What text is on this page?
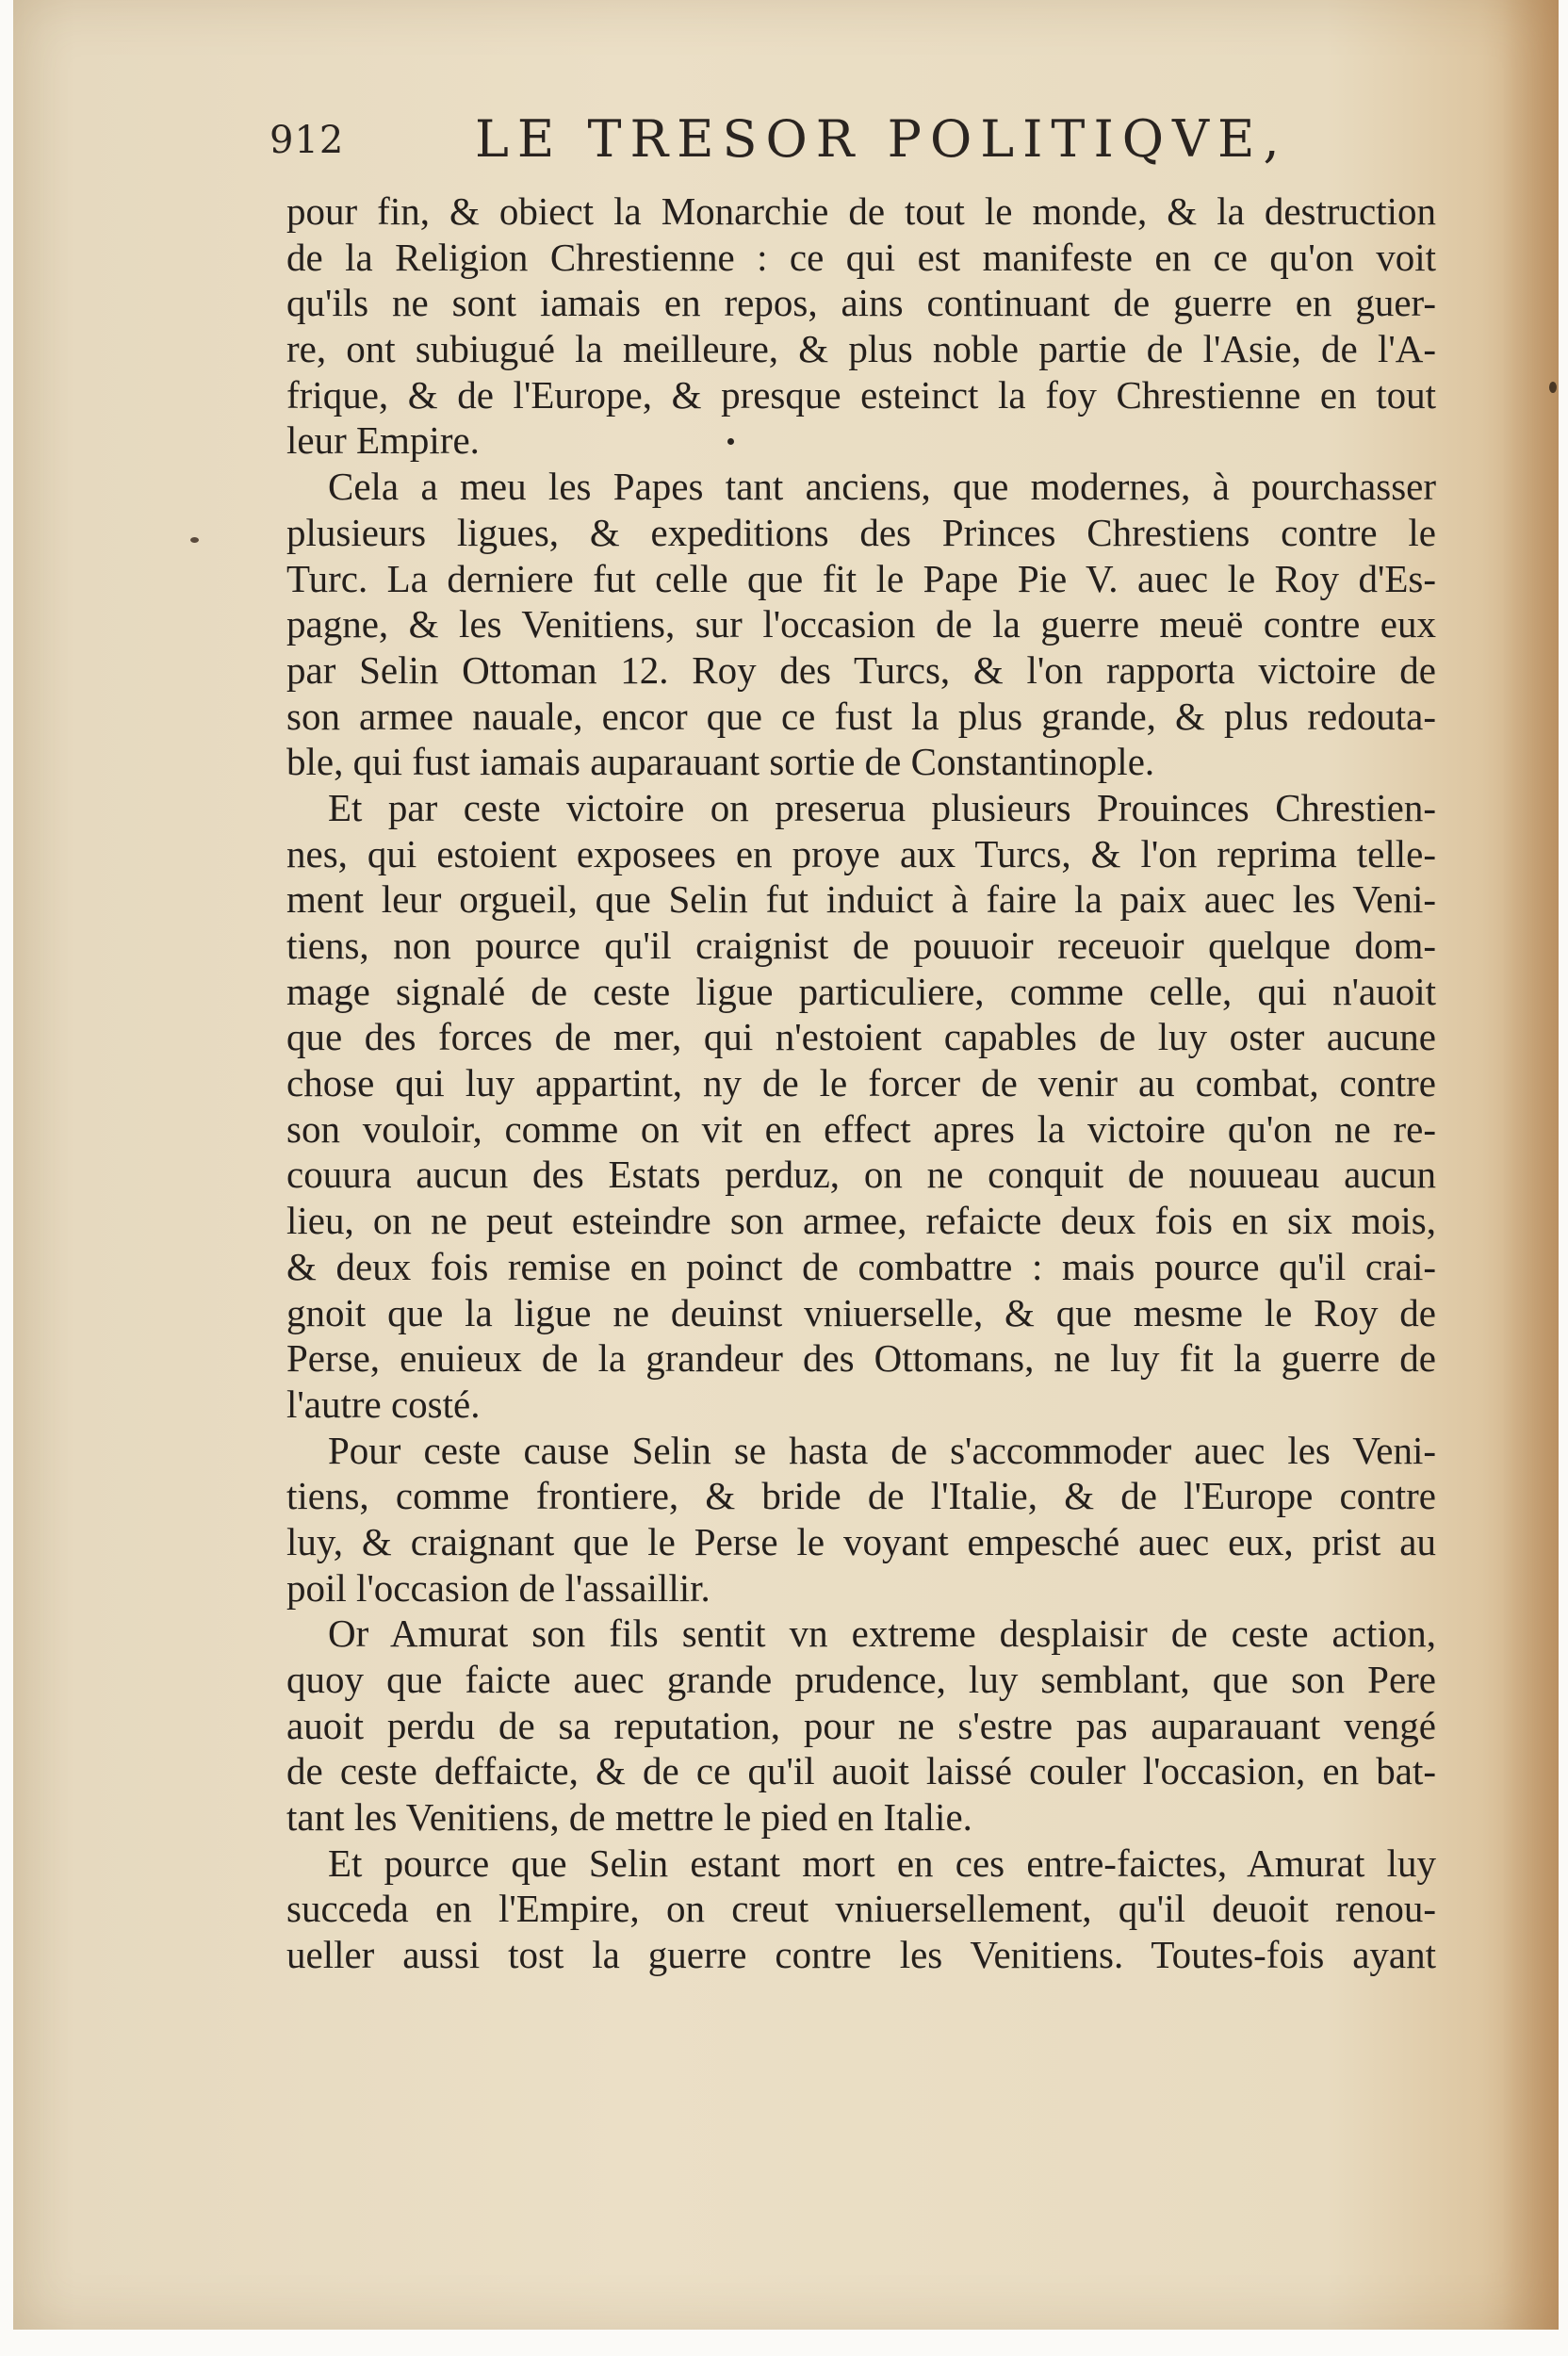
912	LE TRESOR POLITIQVE,
pour fin, & obiect la Monarchie de tout le monde, & la destruction
de la Religion Chrestienne : ce qui est manifeste en ce qu'on voit
qu'ils ne sont iamais en repos, ains continuant de guerre en guer-
re, ont subiugué la meilleure, & plus noble partie de l'Asie, de l'A-
frique, & de l'Europe, & presque esteinct la foy Chrestienne en tout
leur Empire.
Cela a meu les Papes tant anciens, que modernes, à pourchasser
plusieurs ligues, & expeditions des Princes Chrestiens contre le
Turc. La derniere fut celle que fit le Pape Pie V. auec le Roy d'Es-
pagne, & les Venitiens, sur l'occasion de la guerre meuë contre eux
par Selin Ottoman 12. Roy des Turcs, & l'on rapporta victoire de
son armee nauale, encor que ce fust la plus grande, & plus redouta-
ble, qui fust iamais auparauant sortie de Constantinople.
Et par ceste victoire on preserua plusieurs Prouinces Chrestien-
nes, qui estoient exposees en proye aux Turcs, & l'on reprima telle-
ment leur orgueil, que Selin fut induict à faire la paix auec les Veni-
tiens, non pource qu'il craignist de pouuoir receuoir quelque dom-
mage signalé de ceste ligue particuliere, comme celle, qui n'auoit
que des forces de mer, qui n'estoient capables de luy oster aucune
chose qui luy appartint, ny de le forcer de venir au combat, contre
son vouloir, comme on vit en effect apres la victoire qu'on ne re-
couura aucun des Estats perduz, on ne conquit de nouueau aucun
lieu, on ne peut esteindre son armee, refaicte deux fois en six mois,
& deux fois remise en poinct de combattre : mais pource qu'il crai-
gnoit que la ligue ne deuinst vniuerselle, & que mesme le Roy de
Perse, enuieux de la grandeur des Ottomans, ne luy fit la guerre de
l'autre costé.
Pour ceste cause Selin se hasta de s'accommoder auec les Veni-
tiens, comme frontiere, & bride de l'Italie, & de l'Europe contre
luy, & craignant que le Perse le voyant empesché auec eux, prist au
poil l'occasion de l'assaillir.
Or Amurat son fils sentit vn extreme desplaisir de ceste action,
quoy que faicte auec grande prudence, luy semblant, que son Pere
auoit perdu de sa reputation, pour ne s'estre pas auparauant vengé
de ceste deffaicte, & de ce qu'il auoit laissé couler l'occasion, en bat-
tant les Venitiens, de mettre le pied en Italie.
Et pource que Selin estant mort en ces entre-faictes, Amurat luy
succeda en l'Empire, on creut vniuersellement, qu'il deuoit renou-
ueller aussi tost la guerre contre les Venitiens. Toutes-fois ayant
